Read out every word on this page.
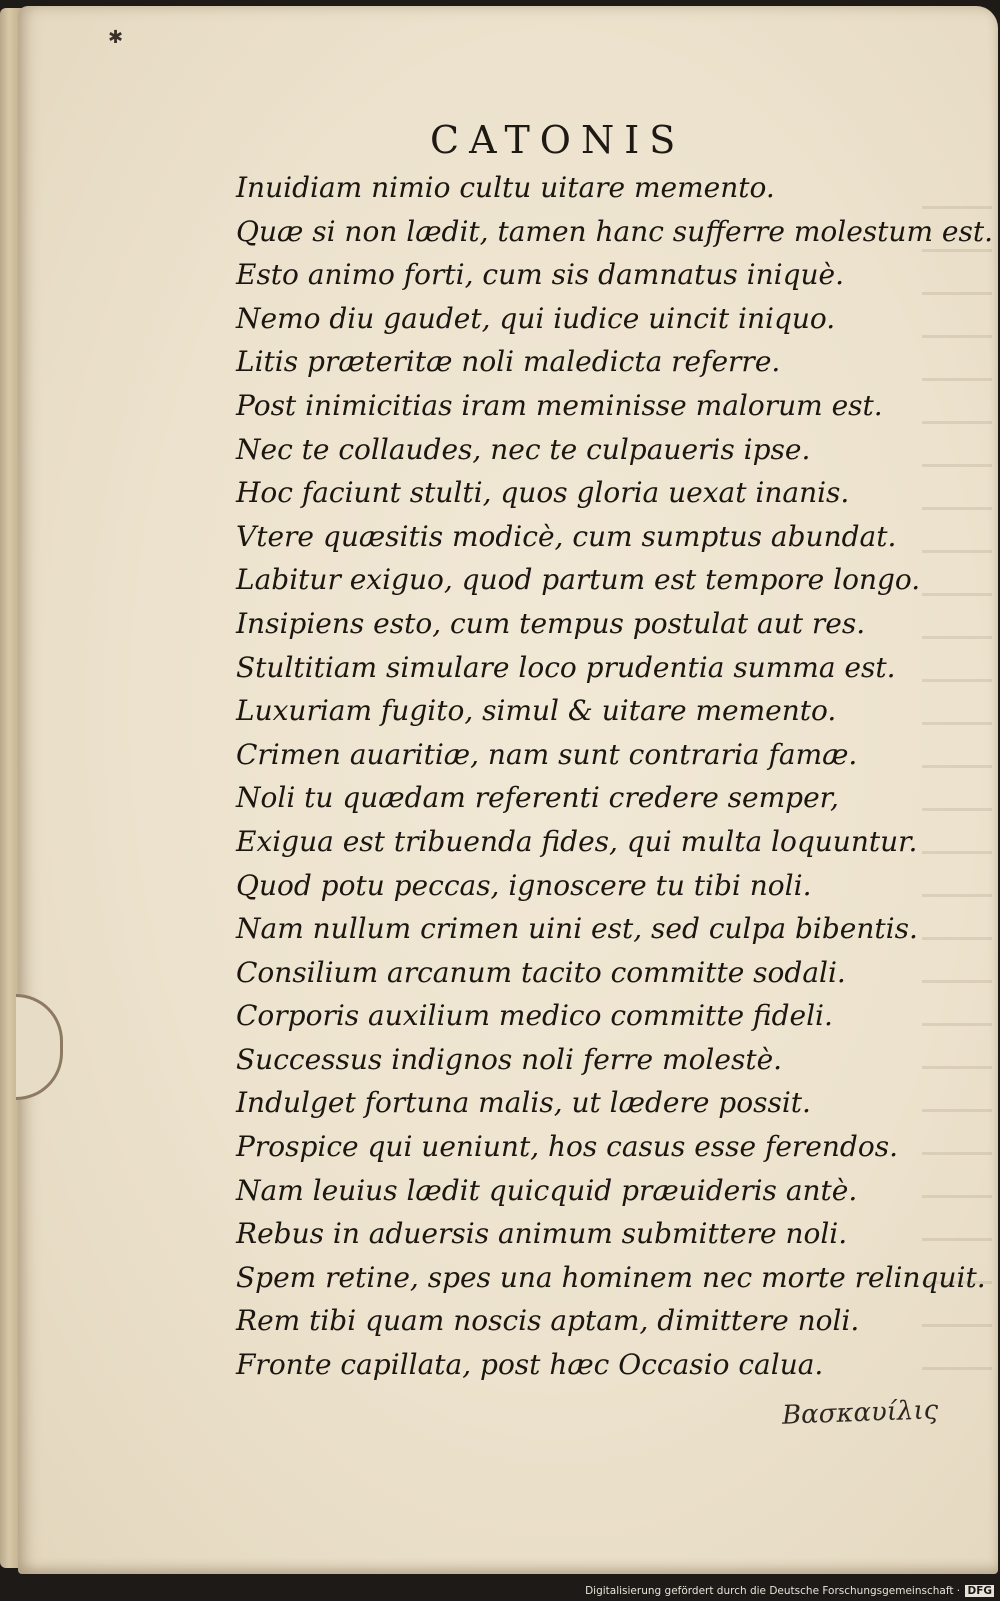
✱
CATONIS
Inuidiam nimio cultu uitare memento.
Quæ si non lædit, tamen hanc sufferre molestum est.
Esto animo forti, cum sis damnatus iniquè.
Nemo diu gaudet, qui iudice uincit iniquo.
Litis præteritæ noli maledicta referre.
Post inimicitias iram meminisse malorum est.
Nec te collaudes, nec te culpaueris ipse.
Hoc faciunt stulti, quos gloria uexat inanis.
Vtere quæsitis modicè, cum sumptus abundat.
Labitur exiguo, quod partum est tempore longo.
Insipiens esto, cum tempus postulat aut res.
Stultitiam simulare loco prudentia summa est.
Luxuriam fugito, simul & uitare memento.
Crimen auaritiæ, nam sunt contraria famæ.
Noli tu quædam referenti credere semper,
Exigua est tribuenda fides, qui multa loquuntur.
Quod potu peccas, ignoscere tu tibi noli.
Nam nullum crimen uini est, sed culpa bibentis.
Consilium arcanum tacito committe sodali.
Corporis auxilium medico committe fideli.
Successus indignos noli ferre molestè.
Indulget fortuna malis, ut lædere possit.
Prospice qui ueniunt, hos casus esse ferendos.
Nam leuius lædit quicquid præuideris antè.
Rebus in aduersis animum submittere noli.
Spem retine, spes una hominem nec morte relinquit.
Rem tibi quam noscis aptam, dimittere noli.
Fronte capillata, post hæc Occasio calua.
Βασκαυίλις
Digitalisierung gefördert durch die Deutsche Forschungsgemeinschaft · DFG
